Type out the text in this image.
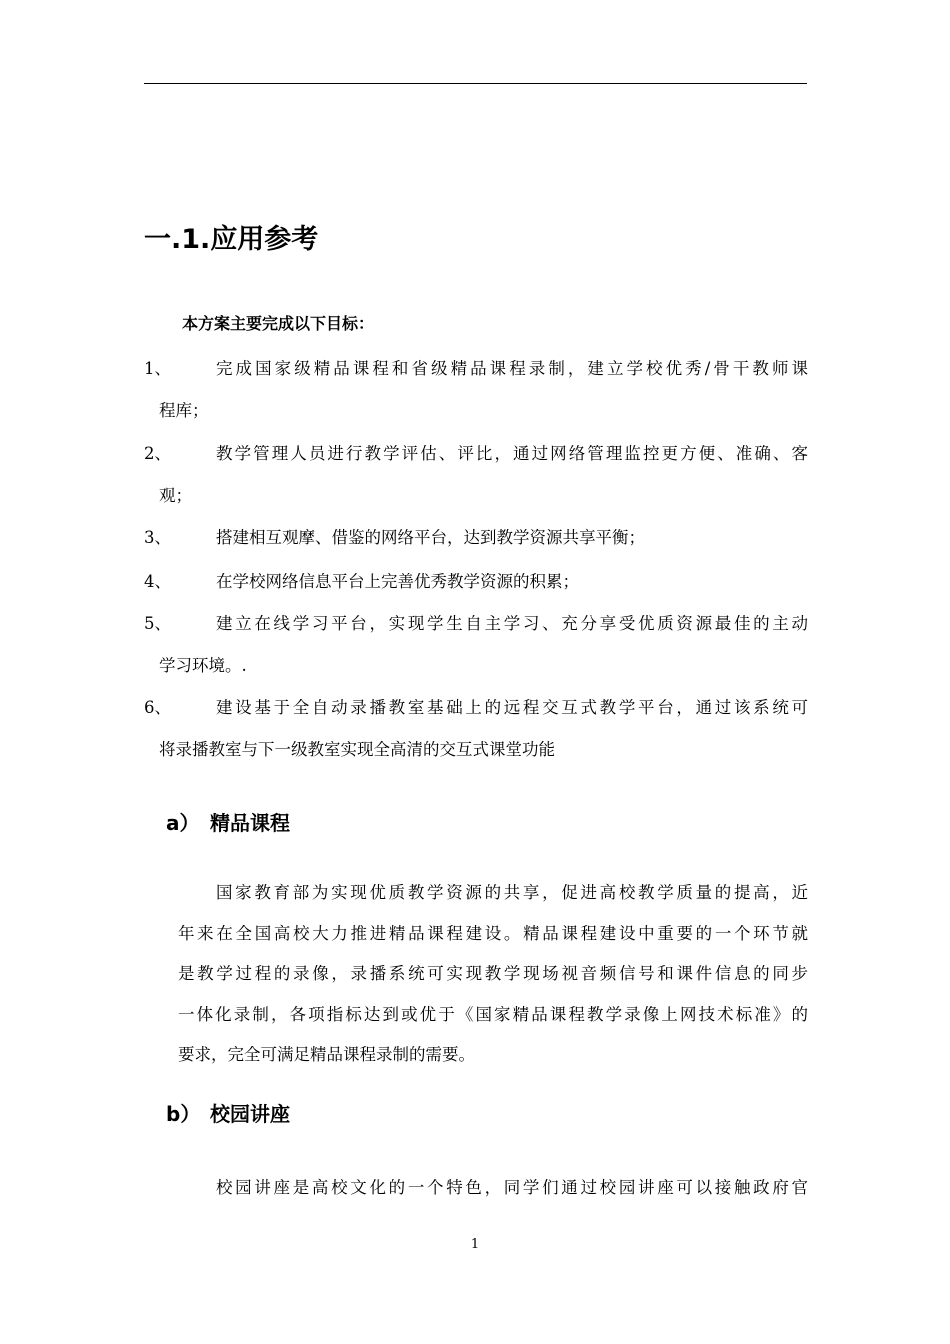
一.1.应用参考
本方案主要完成以下目标：
1、	完成国家级精品课程和省级精品课程录制，建立学校优秀/骨干教师课
程库；
2、	教学管理人员进行教学评估、评比，通过网络管理监控更方便、准确、客
观；
3、	搭建相互观摩、借鉴的网络平台，达到教学资源共享平衡；
4、	在学校网络信息平台上完善优秀教学资源的积累；
5、	建立在线学习平台，实现学生自主学习、充分享受优质资源最佳的主动
学习环境。.
6、	建设基于全自动录播教室基础上的远程交互式教学平台，通过该系统可
将录播教室与下一级教室实现全高清的交互式课堂功能
a） 精品课程
国家教育部为实现优质教学资源的共享，促进高校教学质量的提高，近
年来在全国高校大力推进精品课程建设。精品课程建设中重要的一个环节就
是教学过程的录像，录播系统可实现教学现场视音频信号和课件信息的同步
一体化录制，各项指标达到或优于《国家精品课程教学录像上网技术标准》的
要求，完全可满足精品课程录制的需要。
b） 校园讲座
校园讲座是高校文化的一个特色，同学们通过校园讲座可以接触政府官
1
